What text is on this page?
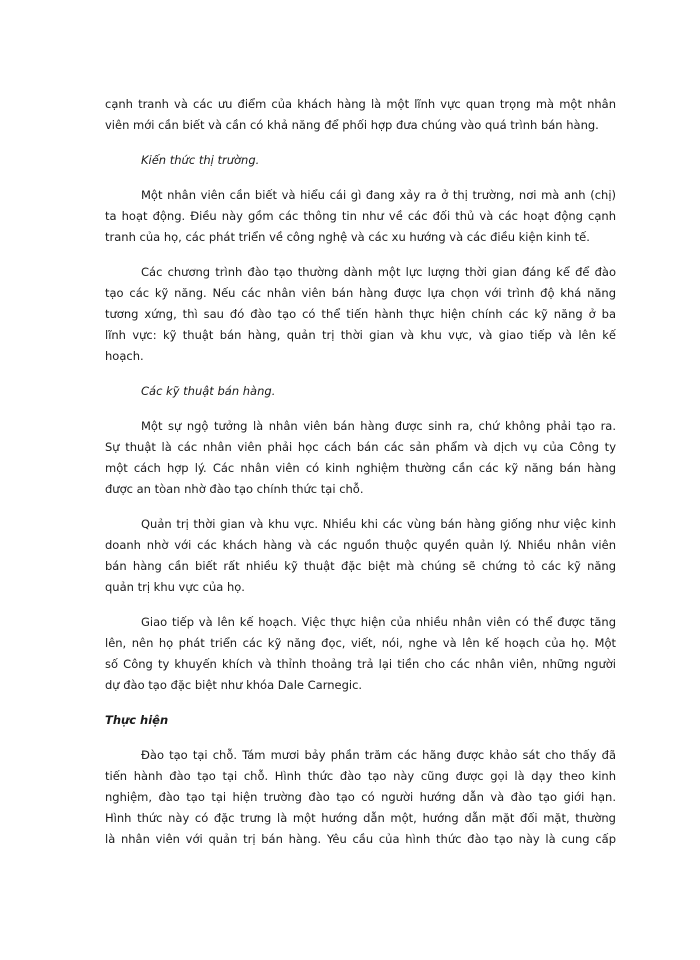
cạnh tranh và các ưu điểm của khách hàng là một lĩnh vực quan trọng mà một nhân
viên mới cần biết và cần có khả năng để phối hợp đưa chúng vào quá trình bán hàng.
Kiến thức thị trường.
Một nhân viên cần biết và hiểu cái gì đang xảy ra ở thị trường, nơi mà anh (chị)
ta hoạt động. Điều này gồm các thông tin như về các đối thủ và các hoạt động cạnh
tranh của họ, các phát triển về công nghệ và các xu hướng và các điều kiện kinh tế.
Các chương trình đào tạo thường dành một lực lượng thời gian đáng kể để đào
tạo các kỹ năng. Nếu các nhân viên bán hàng được lựa chọn với trình độ khá năng
tương xứng, thì sau đó đào tạo có thể tiến hành thực hiện chính các kỹ năng ở ba
lĩnh vực: kỹ thuật bán hàng, quản trị thời gian và khu vực, và giao tiếp và lên kế
hoạch.
Các kỹ thuật bán hàng.
Một sự ngộ tưởng là nhân viên bán hàng được sinh ra, chứ không phải tạo ra.
Sự thuật là các nhân viên phải học cách bán các sản phẩm và dịch vụ của Công ty
một cách hợp lý. Các nhân viên có kinh nghiệm thường cần các kỹ năng bán hàng
được an tòan nhờ đào tạo chính thức tại chỗ.
Quản trị thời gian và khu vực. Nhiều khi các vùng bán hàng giống như việc kinh
doanh nhờ với các khách hàng và các nguồn thuộc quyền quản lý. Nhiều nhân viên
bán hàng cần biết rất nhiều kỹ thuật đặc biệt mà chúng sẽ chứng tỏ các kỹ năng
quản trị khu vực của họ.
Giao tiếp và lên kế hoạch. Việc thực hiện của nhiều nhân viên có thể được tăng
lên, nên họ phát triển các kỹ năng đọc, viết, nói, nghe và lên kế hoạch của họ. Một
số Công ty khuyến khích và thỉnh thoảng trả lại tiền cho các nhân viên, những người
dự đào tạo đặc biệt như khóa Dale Carnegic.
Thực hiện
Đào tạo tại chỗ. Tám mươi bảy phần trăm các hãng được khảo sát cho thấy đã
tiến hành đào tạo tại chỗ. Hình thức đào tạo này cũng được gọi là dạy theo kinh
nghiệm, đào tạo tại hiện trường đào tạo có người hướng dẫn và đào tạo giới hạn.
Hình thức này có đặc trưng là một hướng dẫn một, hướng dẫn mặt đối mặt, thường
là nhân viên với quản trị bán hàng. Yêu cầu của hình thức đào tạo này là cung cấp
